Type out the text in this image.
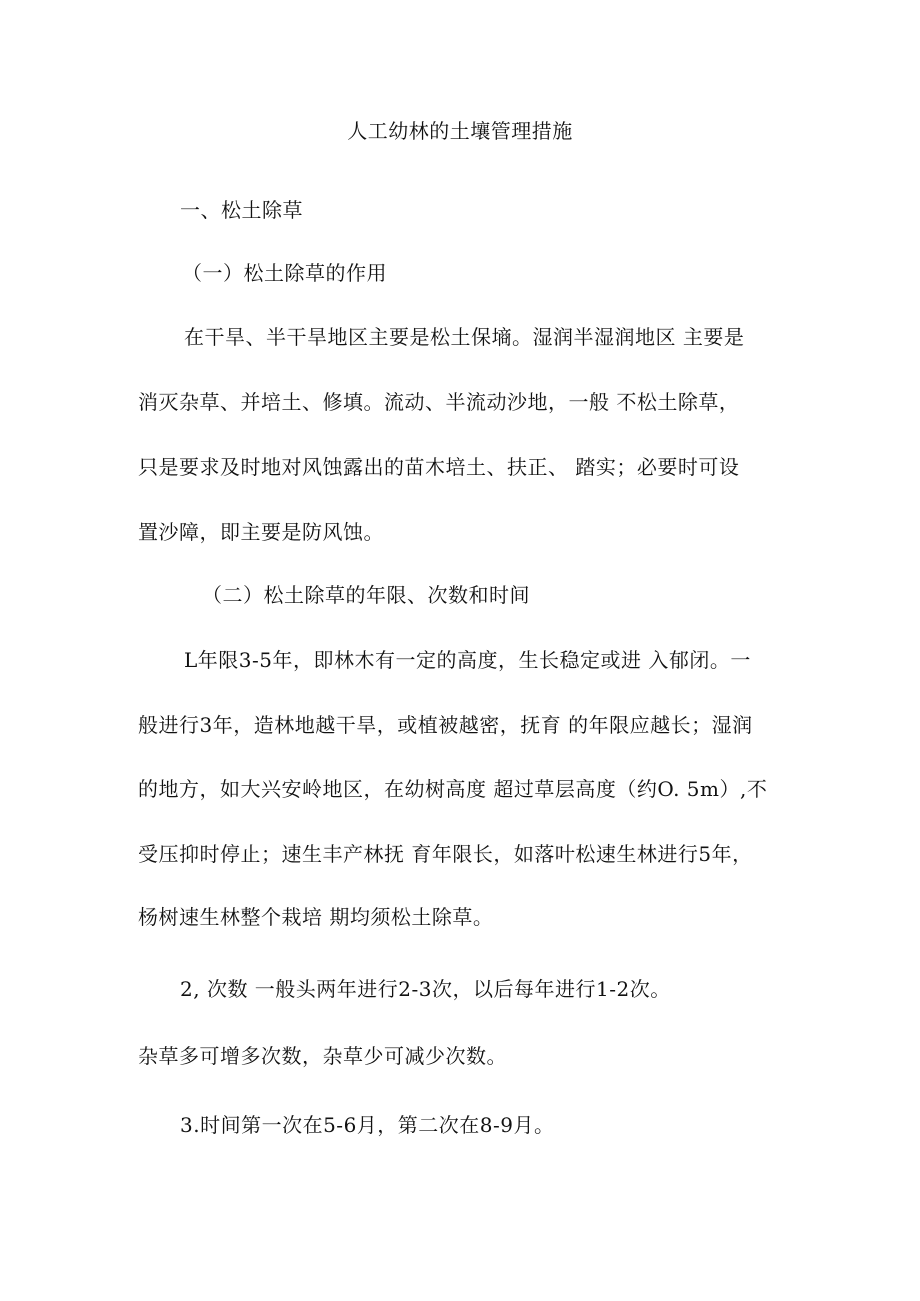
人工幼林的土壤管理措施
一、松土除草
（一）松土除草的作用
在干旱、半干旱地区主要是松土保墒。湿润半湿润地区 主要是
消灭杂草、并培土、修填。流动、半流动沙地，一般 不松土除草，
只是要求及时地对风蚀露出的苗木培土、扶正、 踏实；必要时可设
置沙障，即主要是防风蚀。
（二）松土除草的年限、次数和时间
L年限3-5年，即林木有一定的高度，生长稳定或进 入郁闭。一
般进行3年，造林地越干旱，或植被越密，抚育 的年限应越长；湿润
的地方，如大兴安岭地区，在幼树高度 超过草层高度（约O. 5m）,不
受压抑时停止；速生丰产林抚 育年限长，如落叶松速生林进行5年，
杨树速生林整个栽培 期均须松土除草。
2, 次数 一般头两年进行2-3次，以后每年进行1-2次。
杂草多可增多次数，杂草少可减少次数。
3.时间第一次在5-6月，第二次在8-9月。
